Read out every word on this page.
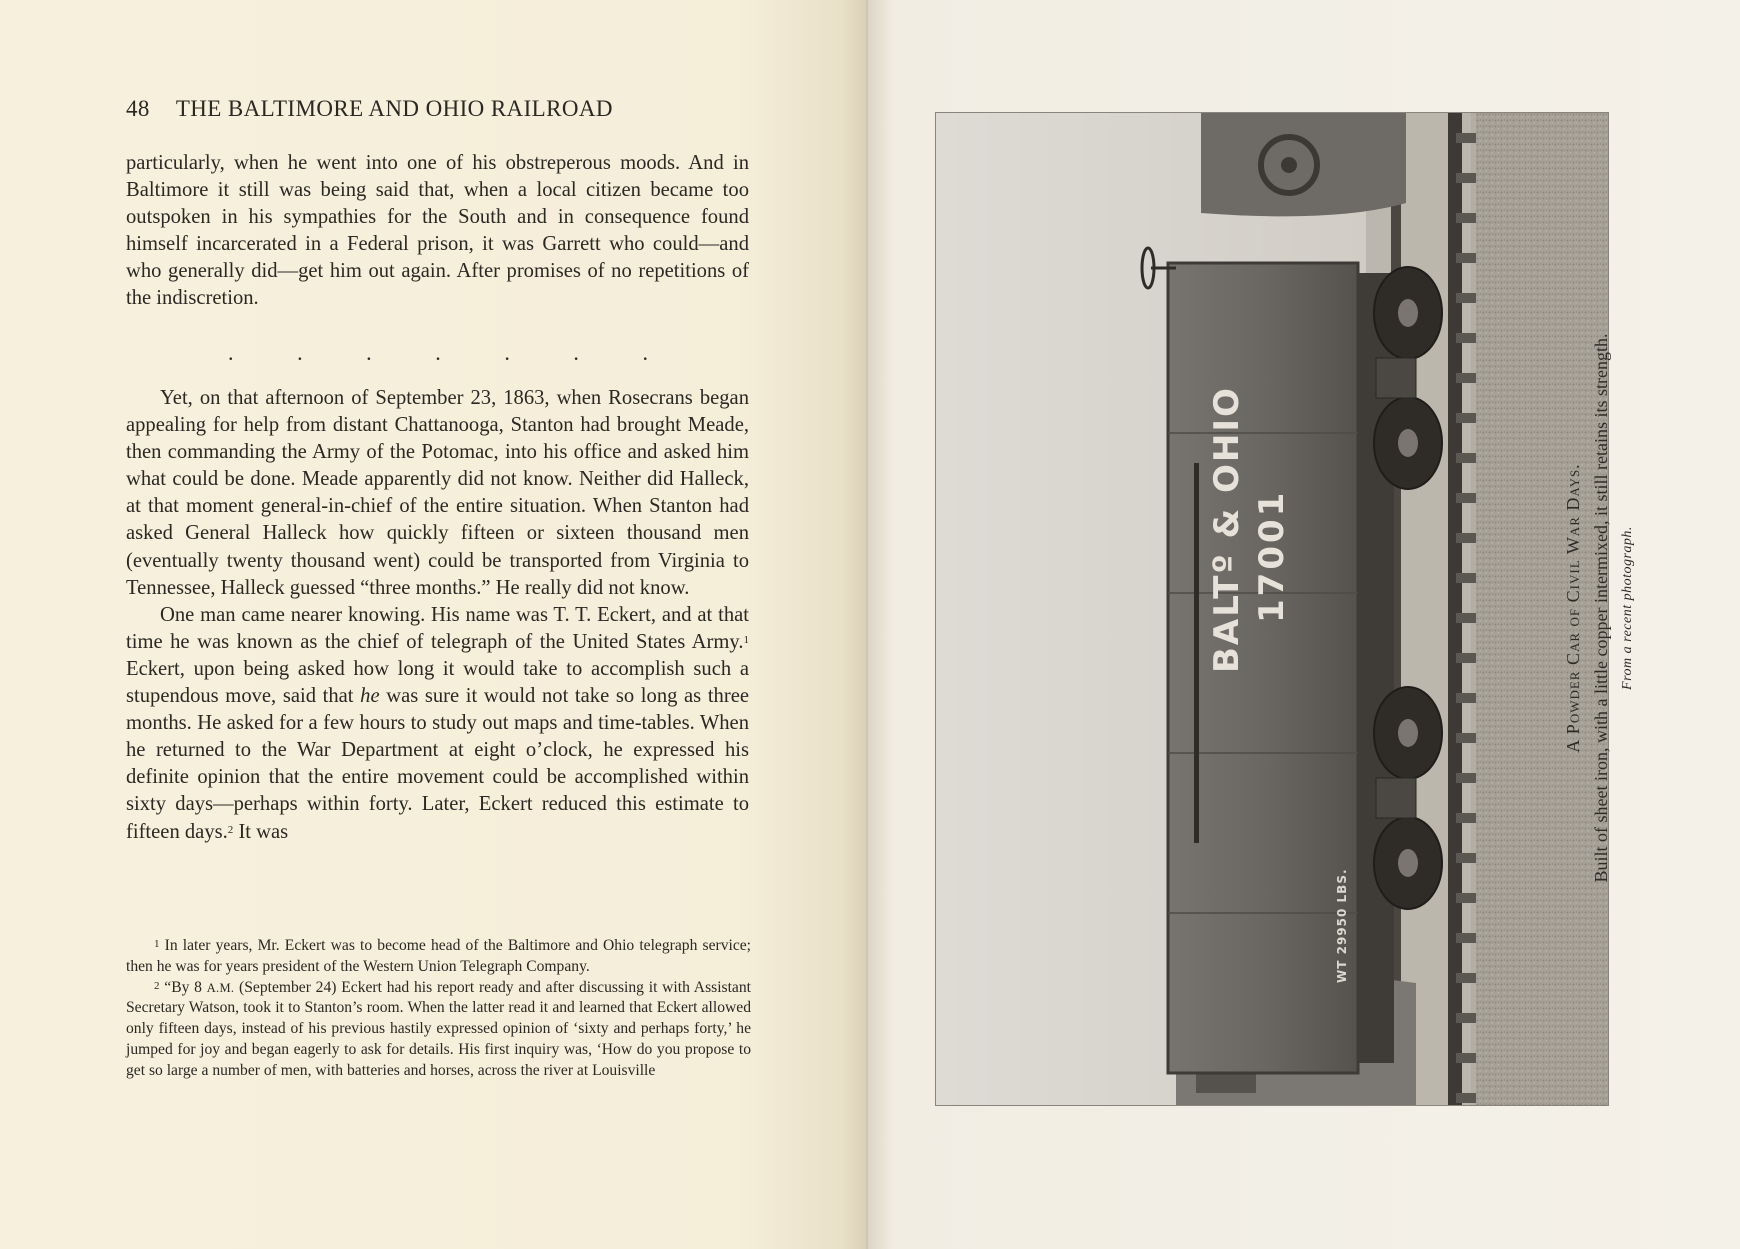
48 THE BALTIMORE AND OHIO RAILROAD

particularly, when he went into one of his obstreperous moods. And in Baltimore it still was being said that, when a local citizen became too outspoken in his sympathies for the South and in consequence found himself incarcerated in a Federal prison, it was Garrett who could—and who generally did—get him out again. After promises of no repetitions of the indiscretion.

.	.	.	.	.	.	.

Yet, on that afternoon of September 23, 1863, when Rosecrans began appealing for help from distant Chattanooga, Stanton had brought Meade, then commanding the Army of the Potomac, into his office and asked him what could be done. Meade apparently did not know. Neither did Halleck, at that moment general-in-chief of the entire situation. When Stanton had asked General Halleck how quickly fifteen or sixteen thousand men (eventually twenty thousand went) could be transported from Virginia to Tennessee, Halleck guessed “three months.” He really did not know.

One man came nearer knowing. His name was T. T. Eckert, and at that time he was known as the chief of telegraph of the United States Army.$^1$ Eckert, upon being asked how long it would take to accomplish such a stupendous move, said that he was sure it would not take so long as three months. He asked for a few hours to study out maps and time-tables. When he returned to the War Department at eight o’clock, he expressed his definite opinion that the entire movement could be accomplished within sixty days—perhaps within forty. Later, Eckert reduced this estimate to fifteen days.$^2$ It was

$^1$ In later years, Mr. Eckert was to become head of the Baltimore and Ohio telegraph service; then he was for years president of the Western Union Telegraph Company.

$^2$ “By 8 A.M. (September 24) Eckert had his report ready and after discussing it with Assistant Secretary Watson, took it to Stanton’s room. When the latter read it and learned that Eckert allowed only fifteen days, instead of his previous hastily expressed opinion of ‘sixty and perhaps forty,’ he jumped for joy and began eagerly to ask for details. His first inquiry was, ‘How do you propose to get so large a number of men, with batteries and horses, across the river at Louisville

BALTº & OHIO 17001
WT 29950 LBS.
A Powder Car of Civil War Days. Built of sheet iron, with a little copper intermixed, it still retains its strength. From a recent photograph.
